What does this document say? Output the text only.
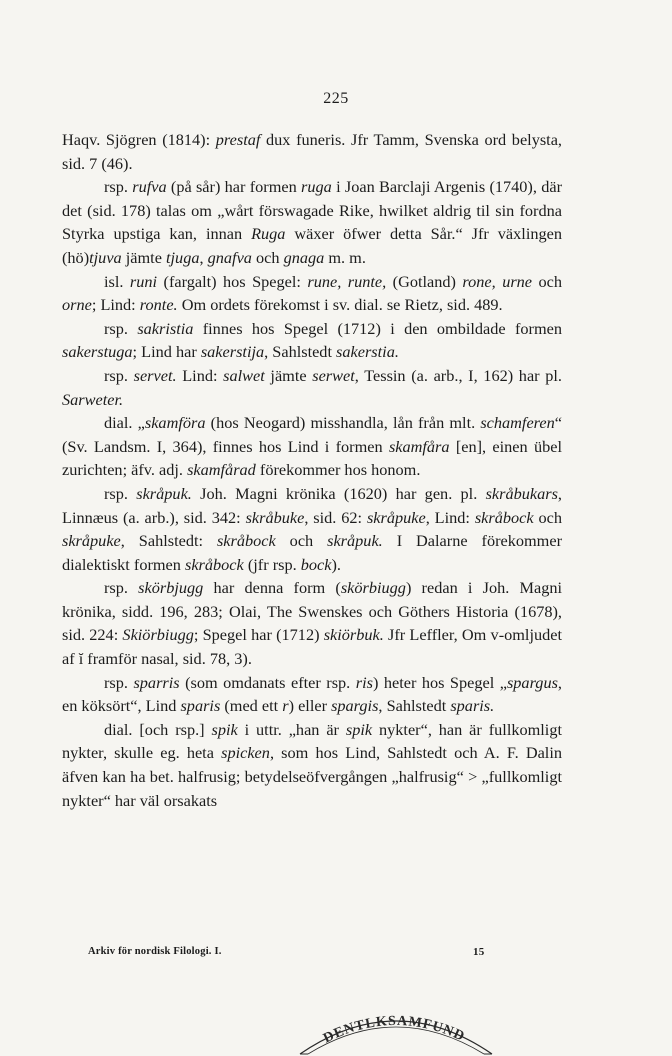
225
Haqv. Sjögren (1814): prestaf dux funeris. Jfr Tamm, Svenska ord belysta, sid. 7 (46).
rsp. rufva (på sår) har formen ruga i Joan Barclaji Argenis (1740), där det (sid. 178) talas om „wårt förswagade Rike, hwilket aldrig til sin fordna Styrka upstiga kan, innan Ruga wäxer öfwer detta Sår.“ Jfr växlingen (hö)tjuva jämte tjuga, gnafva och gnaga m. m.
isl. runi (fargalt) hos Spegel: rune, runte, (Gotland) rone, urne och orne; Lind: ronte. Om ordets förekomst i sv. dial. se Rietz, sid. 489.
rsp. sakristia finnes hos Spegel (1712) i den ombildade formen sakerstuga; Lind har sakerstija, Sahlstedt sakerstia.
rsp. servet. Lind: salwet jämte serwet, Tessin (a. arb., I, 162) har pl. Sarweter.
dial. „skamföra (hos Neogard) misshandla, lån från mlt. schamferen“ (Sv. Landsm. I, 364), finnes hos Lind i formen skamfåra [en], einen übel zurichten; äfv. adj. skamfårad förekommer hos honom.
rsp. skråpuk. Joh. Magni krönika (1620) har gen. pl. skråbukars, Linnæus (a. arb.), sid. 342: skråbuke, sid. 62: skråpuke, Lind: skråbock och skråpuke, Sahlstedt: skråbock och skråpuk. I Dalarne förekommer dialektiskt formen skråbock (jfr rsp. bock).
rsp. skörbjugg har denna form (skörbiugg) redan i Joh. Magni krönika, sidd. 196, 283; Olai, The Swenskes och Göthers Historia (1678), sid. 224: Skiörbiugg; Spegel har (1712) skiörbuk. Jfr Leffler, Om v-omljudet af ĭ framför nasal, sid. 78, 3).
rsp. sparris (som omdanats efter rsp. ris) heter hos Spegel „spargus, en köksört“, Lind sparis (med ett r) eller spargis, Sahlstedt sparis.
dial. [och rsp.] spik i uttr. „han är spik nykter“, han är fullkomligt nykter, skulle eg. heta spicken, som hos Lind, Sahlstedt och A. F. Dalin äfven kan ha bet. halfrusig; betydelseöfvergången „halfrusig“ > „fullkomligt nykter“ har väl orsakats
Arkiv för nordisk Filologi. I.	15
DENTLKSAMFUND
